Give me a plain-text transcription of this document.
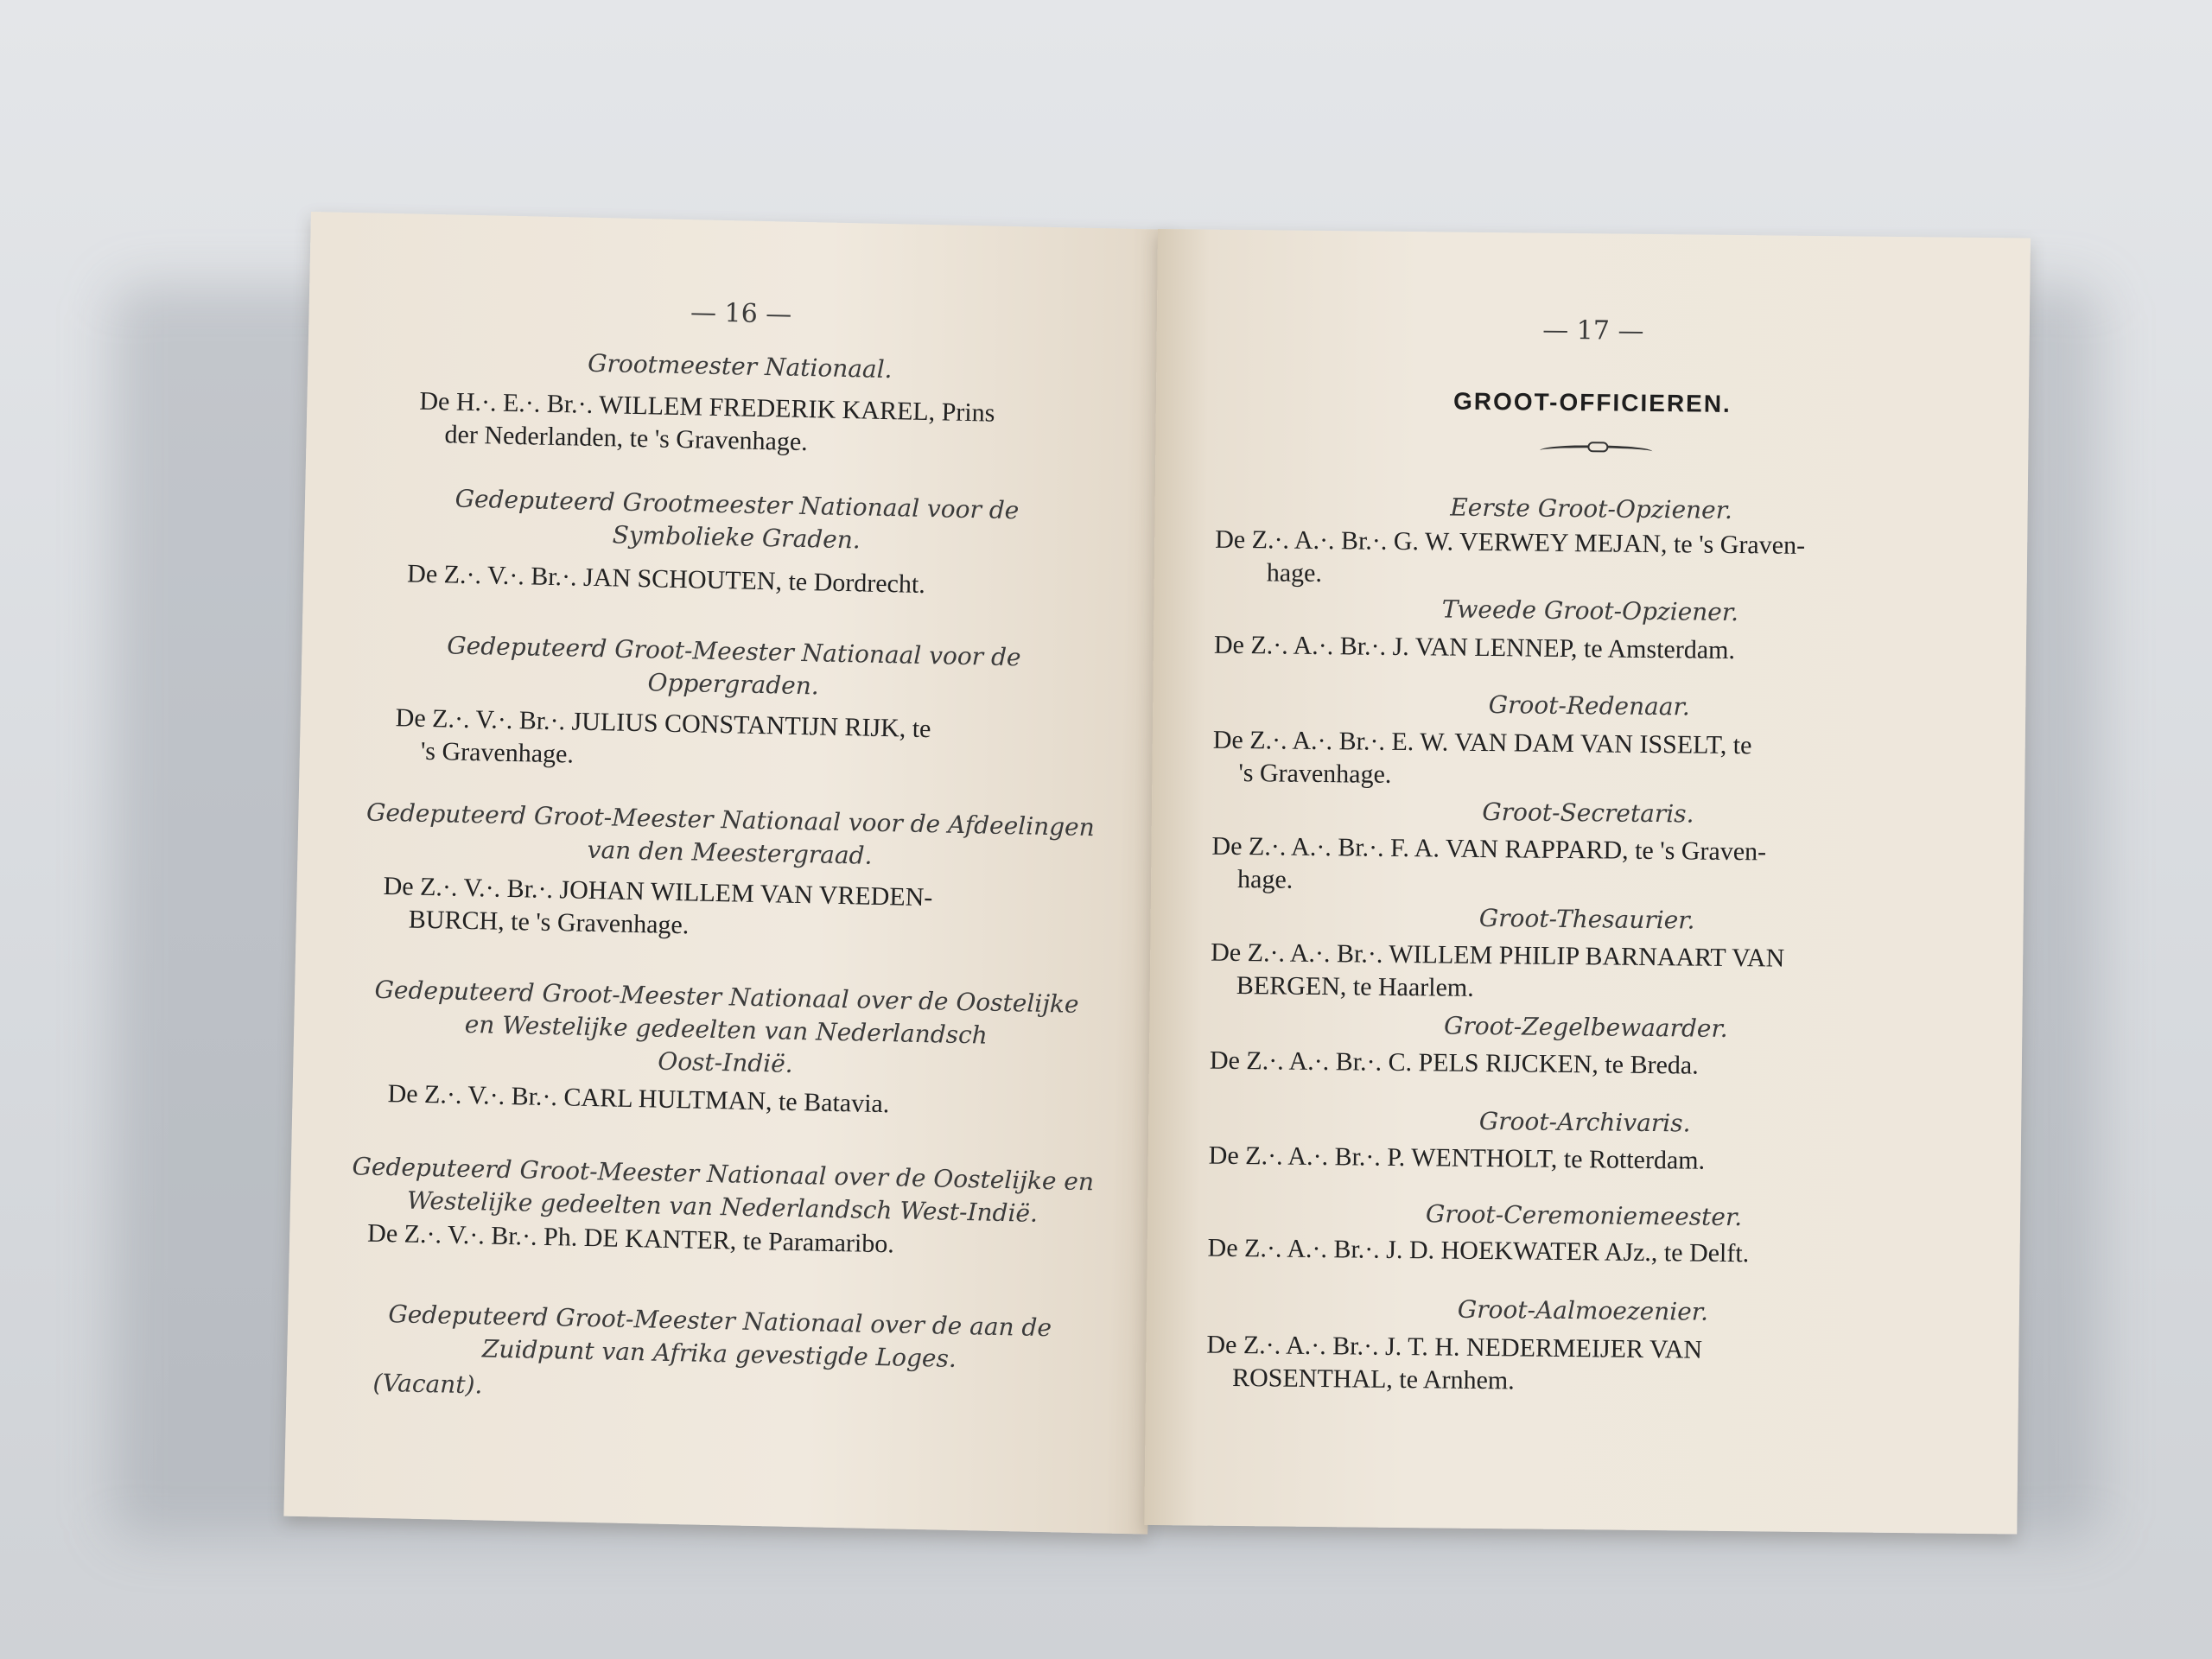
— 16 —
Grootmeester Nationaal.
De H.·. E.·. Br.·. WILLEM FREDERIK KAREL, Prins
der Nederlanden, te 's Gravenhage.
Gedeputeerd Grootmeester Nationaal voor de
Symbolieke Graden.
De Z.·. V.·. Br.·. JAN SCHOUTEN, te Dordrecht.
Gedeputeerd Groot-Meester Nationaal voor de
Oppergraden.
De Z.·. V.·. Br.·. JULIUS CONSTANTIJN RIJK, te
's Gravenhage.
Gedeputeerd Groot-Meester Nationaal voor de Afdeelingen
van den Meestergraad.
De Z.·. V.·. Br.·. JOHAN WILLEM VAN VREDEN-
BURCH, te 's Gravenhage.
Gedeputeerd Groot-Meester Nationaal over de Oostelijke
en Westelijke gedeelten van Nederlandsch
Oost-Indië.
De Z.·. V.·. Br.·. CARL HULTMAN, te Batavia.
Gedeputeerd Groot-Meester Nationaal over de Oostelijke en
Westelijke gedeelten van Nederlandsch West-Indië.
De Z.·. V.·. Br.·. Ph. DE KANTER, te Paramaribo.
Gedeputeerd Groot-Meester Nationaal over de aan de
Zuidpunt van Afrika gevestigde Loges.
(Vacant).
— 17 —
GROOT-OFFICIEREN.
Eerste Groot-Opziener.
De Z.·. A.·. Br.·. G. W. VERWEY MEJAN, te 's Graven-
hage.
Tweede Groot-Opziener.
De Z.·. A.·. Br.·. J. VAN LENNEP, te Amsterdam.
Groot-Redenaar.
De Z.·. A.·. Br.·. E. W. VAN DAM VAN ISSELT, te
's Gravenhage.
Groot-Secretaris.
De Z.·. A.·. Br.·. F. A. VAN RAPPARD, te 's Graven-
hage.
Groot-Thesaurier.
De Z.·. A.·. Br.·. WILLEM PHILIP BARNAART VAN
BERGEN, te Haarlem.
Groot-Zegelbewaarder.
De Z.·. A.·. Br.·. C. PELS RIJCKEN, te Breda.
Groot-Archivaris.
De Z.·. A.·. Br.·. P. WENTHOLT, te Rotterdam.
Groot-Ceremoniemeester.
De Z.·. A.·. Br.·. J. D. HOEKWATER AJz., te Delft.
Groot-Aalmoezenier.
De Z.·. A.·. Br.·. J. T. H. NEDERMEIJER VAN
ROSENTHAL, te Arnhem.
